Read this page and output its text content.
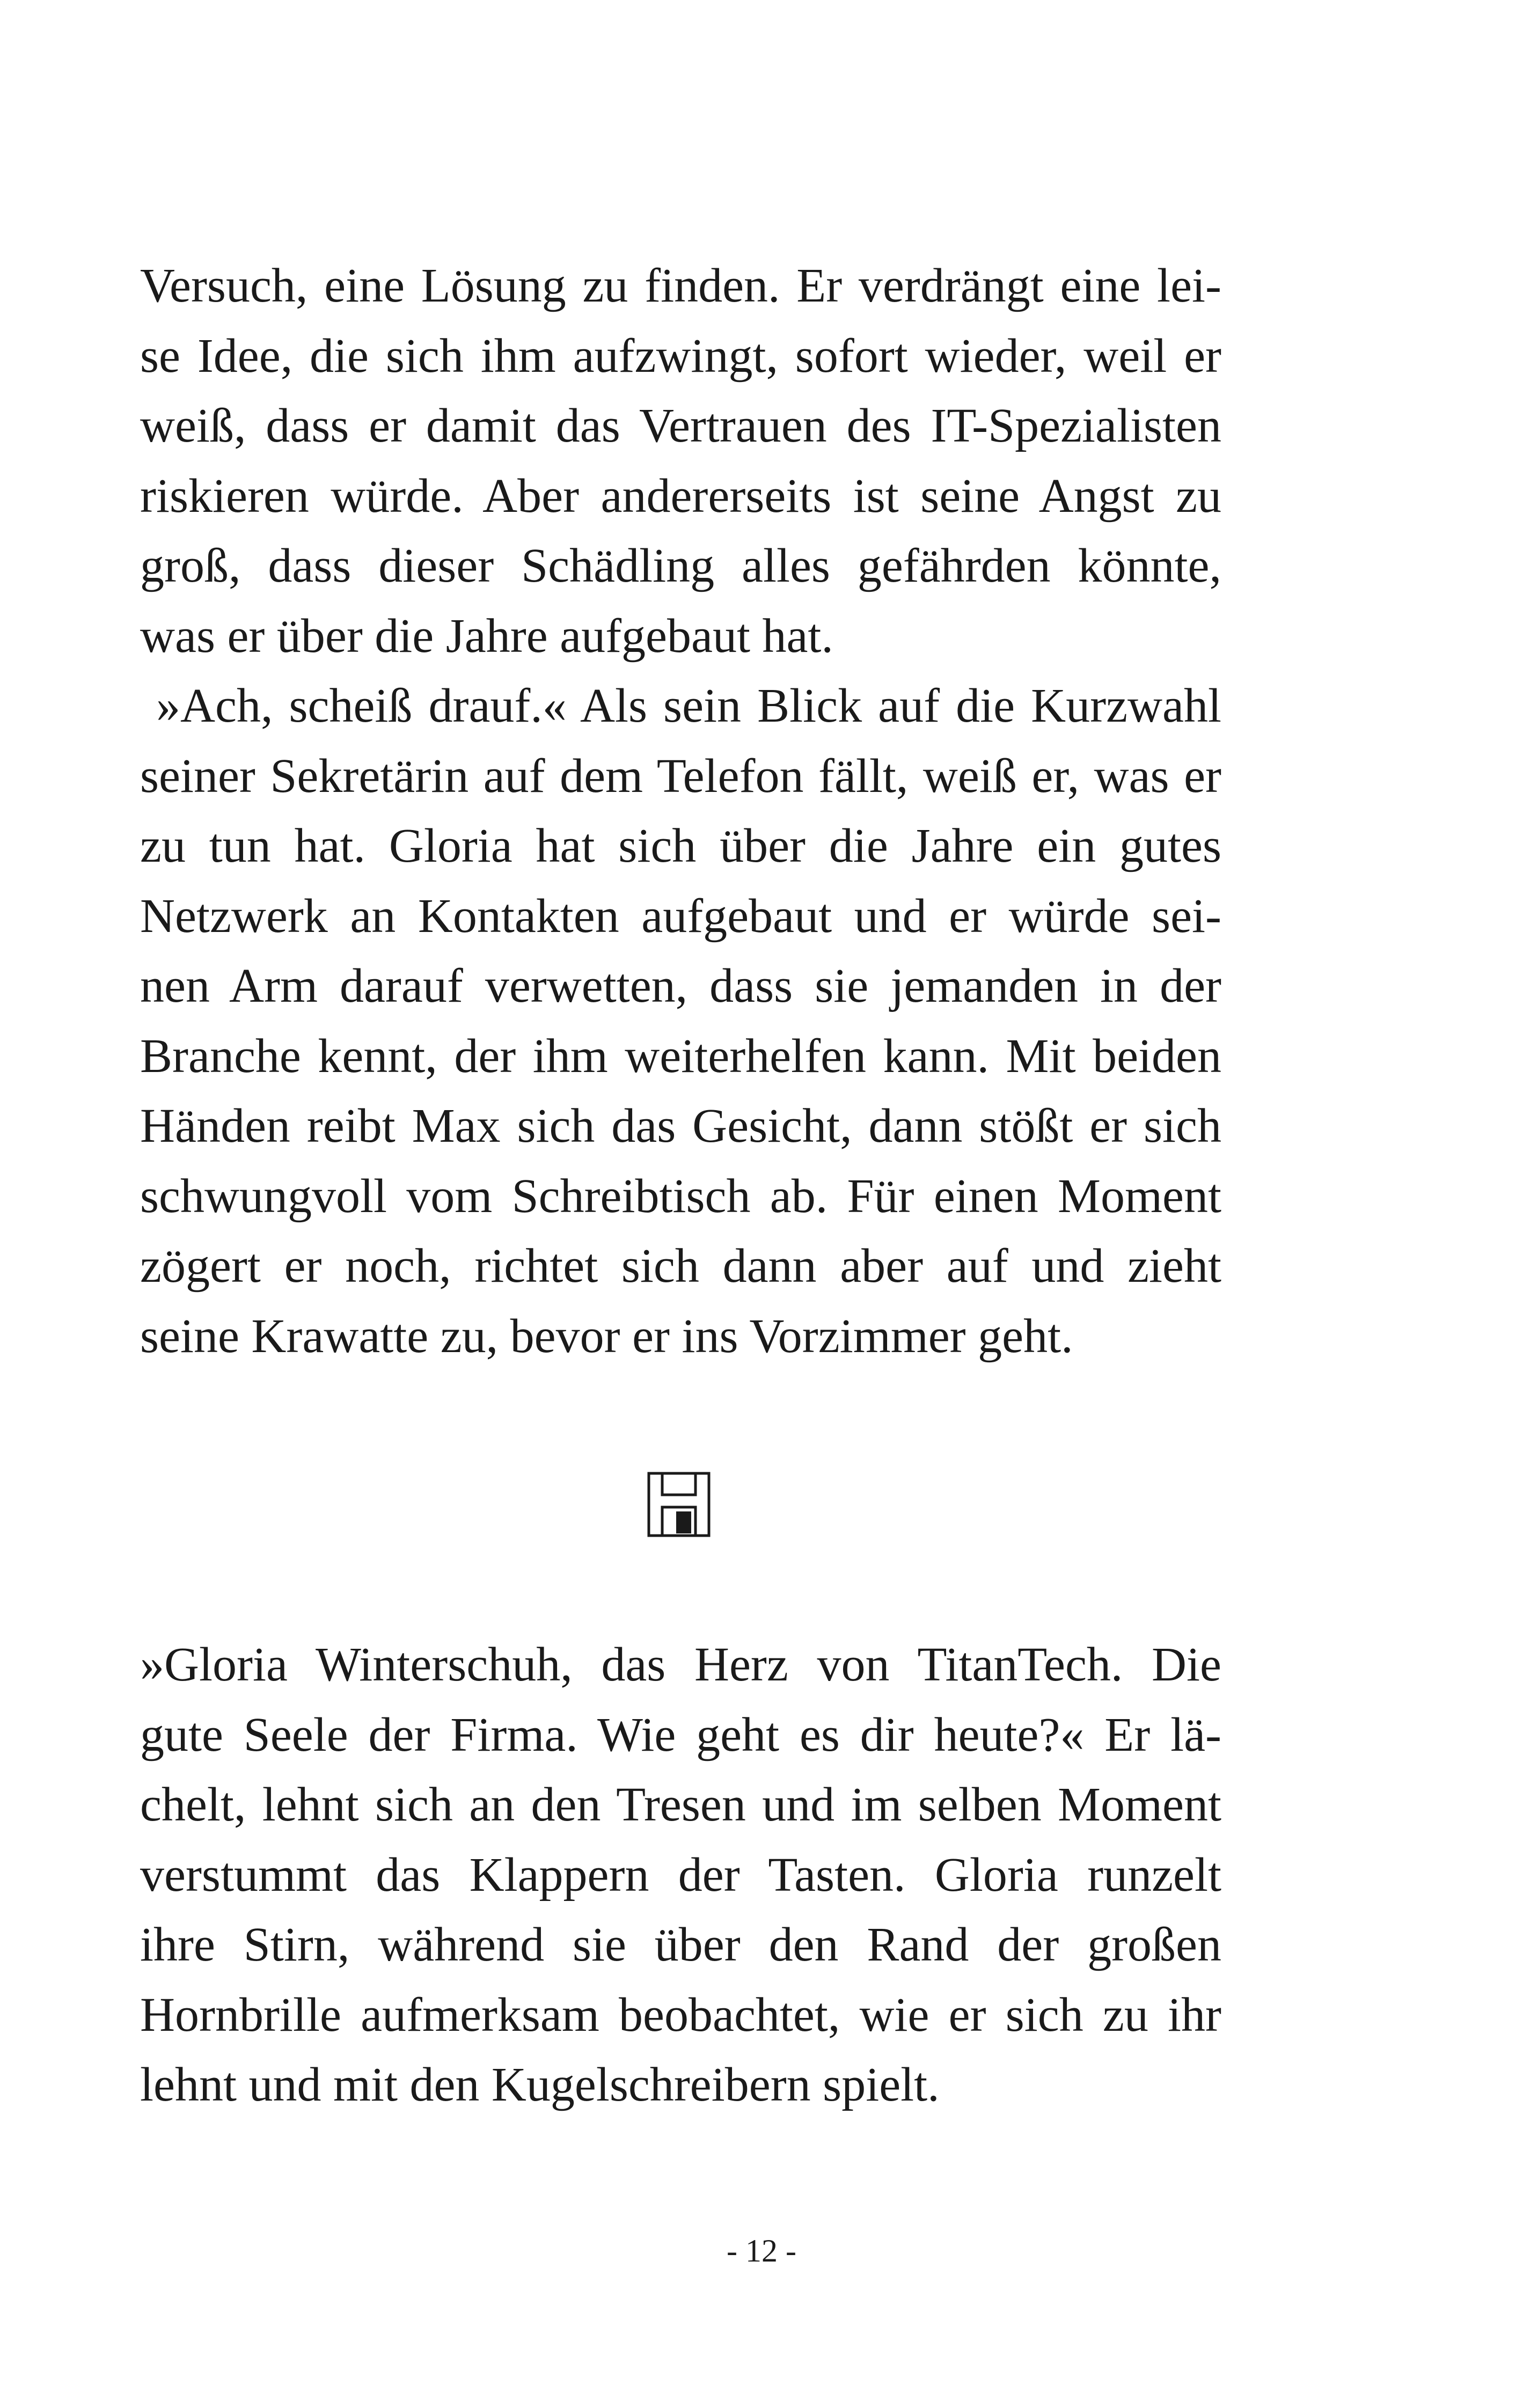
Versuch, eine Lösung zu finden. Er verdrängt eine lei-
se Idee, die sich ihm aufzwingt, sofort wieder, weil er
weiß, dass er damit das Vertrauen des IT-Spezialisten
riskieren würde. Aber andererseits ist seine Angst zu
groß, dass dieser Schädling alles gefährden könnte,
was er über die Jahre aufgebaut hat.
»Ach, scheiß drauf.« Als sein Blick auf die Kurzwahl
seiner Sekretärin auf dem Telefon fällt, weiß er, was er
zu tun hat. Gloria hat sich über die Jahre ein gutes
Netzwerk an Kontakten aufgebaut und er würde sei-
nen Arm darauf verwetten, dass sie jemanden in der
Branche kennt, der ihm weiterhelfen kann. Mit beiden
Händen reibt Max sich das Gesicht, dann stößt er sich
schwungvoll vom Schreibtisch ab. Für einen Moment
zögert er noch, richtet sich dann aber auf und zieht
seine Krawatte zu, bevor er ins Vorzimmer geht.
»Gloria Winterschuh, das Herz von TitanTech. Die
gute Seele der Firma. Wie geht es dir heute?« Er lä-
chelt, lehnt sich an den Tresen und im selben Moment
verstummt das Klappern der Tasten. Gloria runzelt
ihre Stirn, während sie über den Rand der großen
Hornbrille aufmerksam beobachtet, wie er sich zu ihr
lehnt und mit den Kugelschreibern spielt.
- 12 -
